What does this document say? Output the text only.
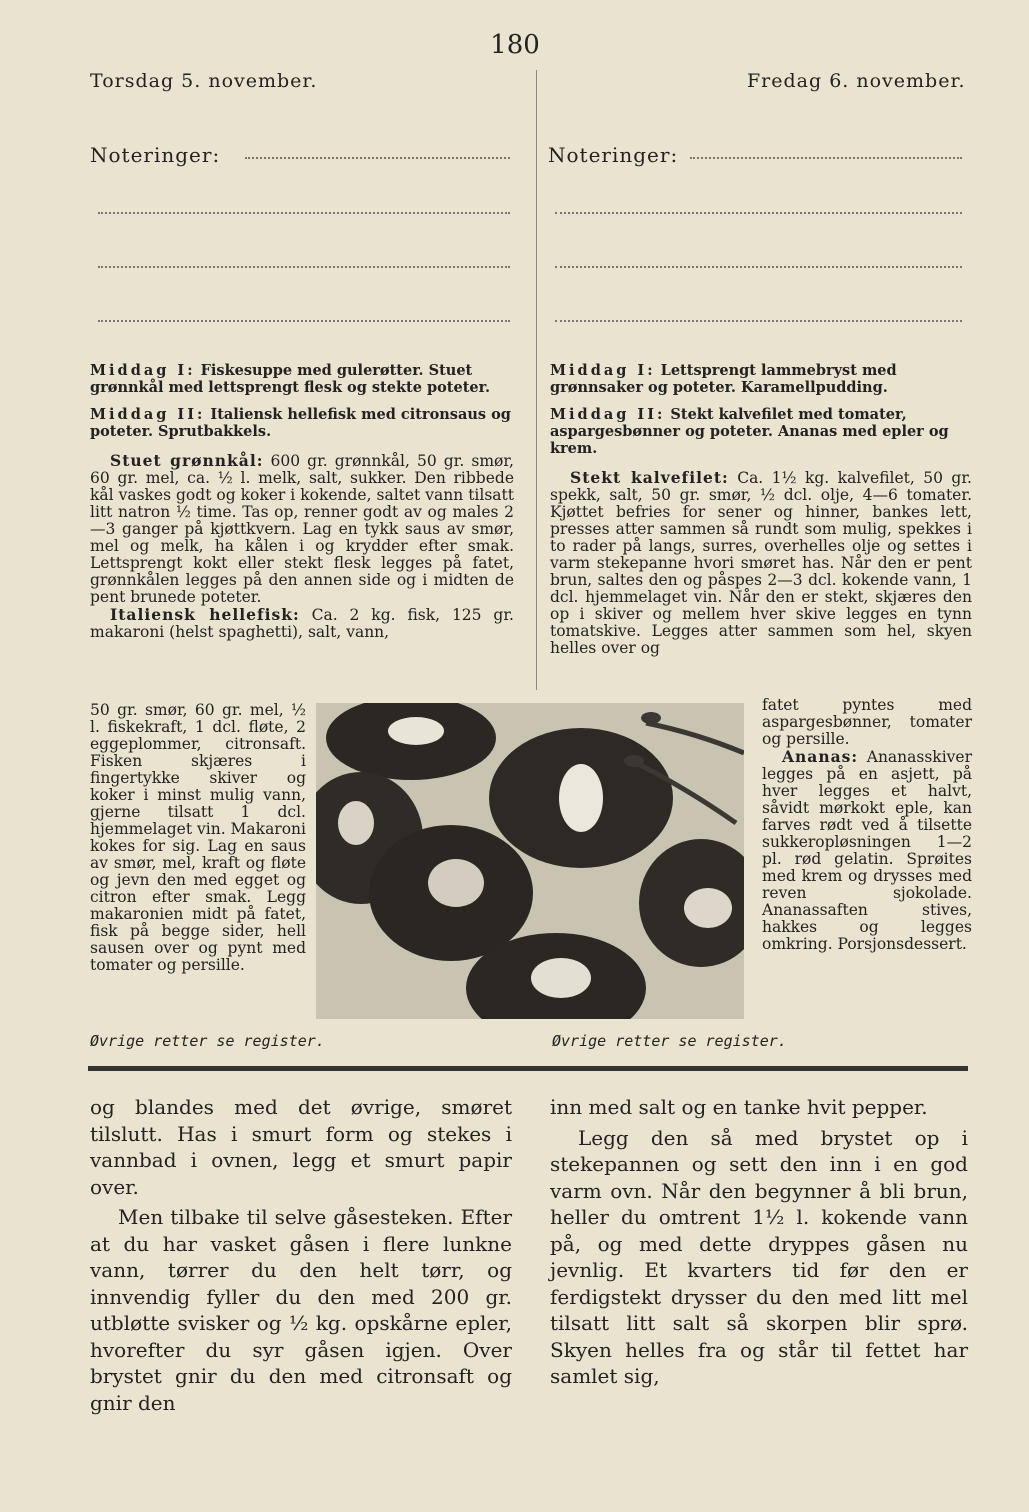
180
Torsdag 5. november.	Fredag 6. november.
Noteringer:	Noteringer:
Middag I: Fiskesuppe med gulerøtter. Stuet grønnkål med lettsprengt flesk og stekte poteter.
Middag II: Italiensk hellefisk med citronsaus og poteter. Sprutbakkels.

Stuet grønnkål: 600 gr. grønnkål, 50 gr. smør, 60 gr. mel, ca. ½ l. melk, salt, sukker. Den ribbede kål vaskes godt og koker i kokende, saltet vann tilsatt litt natron ½ time. Tas op, renner godt av og males 2—3 ganger på kjøttkvern. Lag en tykk saus av smør, mel og melk, ha kålen i og krydder efter smak. Lettsprengt kokt eller stekt flesk legges på fatet, grønnkålen legges på den annen side og i midten de pent brunede poteter.

Italiensk hellefisk: Ca. 2 kg. fisk, 125 gr. makaroni (helst spaghetti), salt, vann,

50 gr. smør, 60 gr. mel, ½ l. fiskekraft, 1 dcl. fløte, 2 eggeplommer, citronsaft. Fisken skjæres i fingertykke skiver og koker i minst mulig vann, gjerne tilsatt 1 dcl. hjemmelaget vin. Makaroni kokes for sig. Lag en saus av smør, mel, kraft og fløte og jevn den med egget og citron efter smak. Legg makaronien midt på fatet, fisk på begge sider, hell sausen over og pynt med tomater og persille.
Øvrige retter se register.
Middag I: Lettsprengt lammebryst med grønnsaker og poteter. Karamellpudding.
Middag II: Stekt kalvefilet med tomater, aspargesbønner og poteter. Ananas med epler og krem.

Stekt kalvefilet: Ca. 1½ kg. kalvefilet, 50 gr. spekk, salt, 50 gr. smør, ½ dcl. olje, 4—6 tomater. Kjøttet befries for sener og hinner, bankes lett, presses atter sammen så rundt som mulig, spekkes i to rader på langs, surres, overhelles olje og settes i varm stekepanne hvori smøret has. Når den er pent brun, saltes den og påspes 2—3 dcl. kokende vann, 1 dcl. hjemmelaget vin. Når den er stekt, skjæres den op i skiver og mellem hver skive legges en tynn tomatskive. Legges atter sammen som hel, skyen helles over og

fatet pyntes med aspargesbønner, tomater og persille.

Ananas: Ananasskiver legges på en asjett, på hver legges et halvt, såvidt mørkokt eple, kan farves rødt ved å tilsette sukkeropløsningen 1—2 pl. rød gelatin. Sprøites med krem og drysses med reven sjokolade. Ananassaften stives, hakkes og legges omkring. Porsjonsdessert.

Øvrige retter se register.

og blandes med det øvrige, smøret tilslutt. Has i smurt form og stekes i vannbad i ovnen, legg et smurt papir over.

Men tilbake til selve gåsesteken. Efter at du har vasket gåsen i flere lunkne vann, tørrer du den helt tørr, og innvendig fyller du den med 200 gr. utbløtte svisker og ½ kg. opskårne epler, hvorefter du syr gåsen igjen. Over brystet gnir du den med citronsaft og gnir den

inn med salt og en tanke hvit pepper.

Legg den så med brystet op i stekepannen og sett den inn i en god varm ovn. Når den begynner å bli brun, heller du omtrent 1½ l. kokende vann på, og med dette dryppes gåsen nu jevnlig. Et kvarters tid før den er ferdigstekt drysser du den med litt mel tilsatt litt salt så skorpen blir sprø. Skyen helles fra og står til fettet har samlet sig,
